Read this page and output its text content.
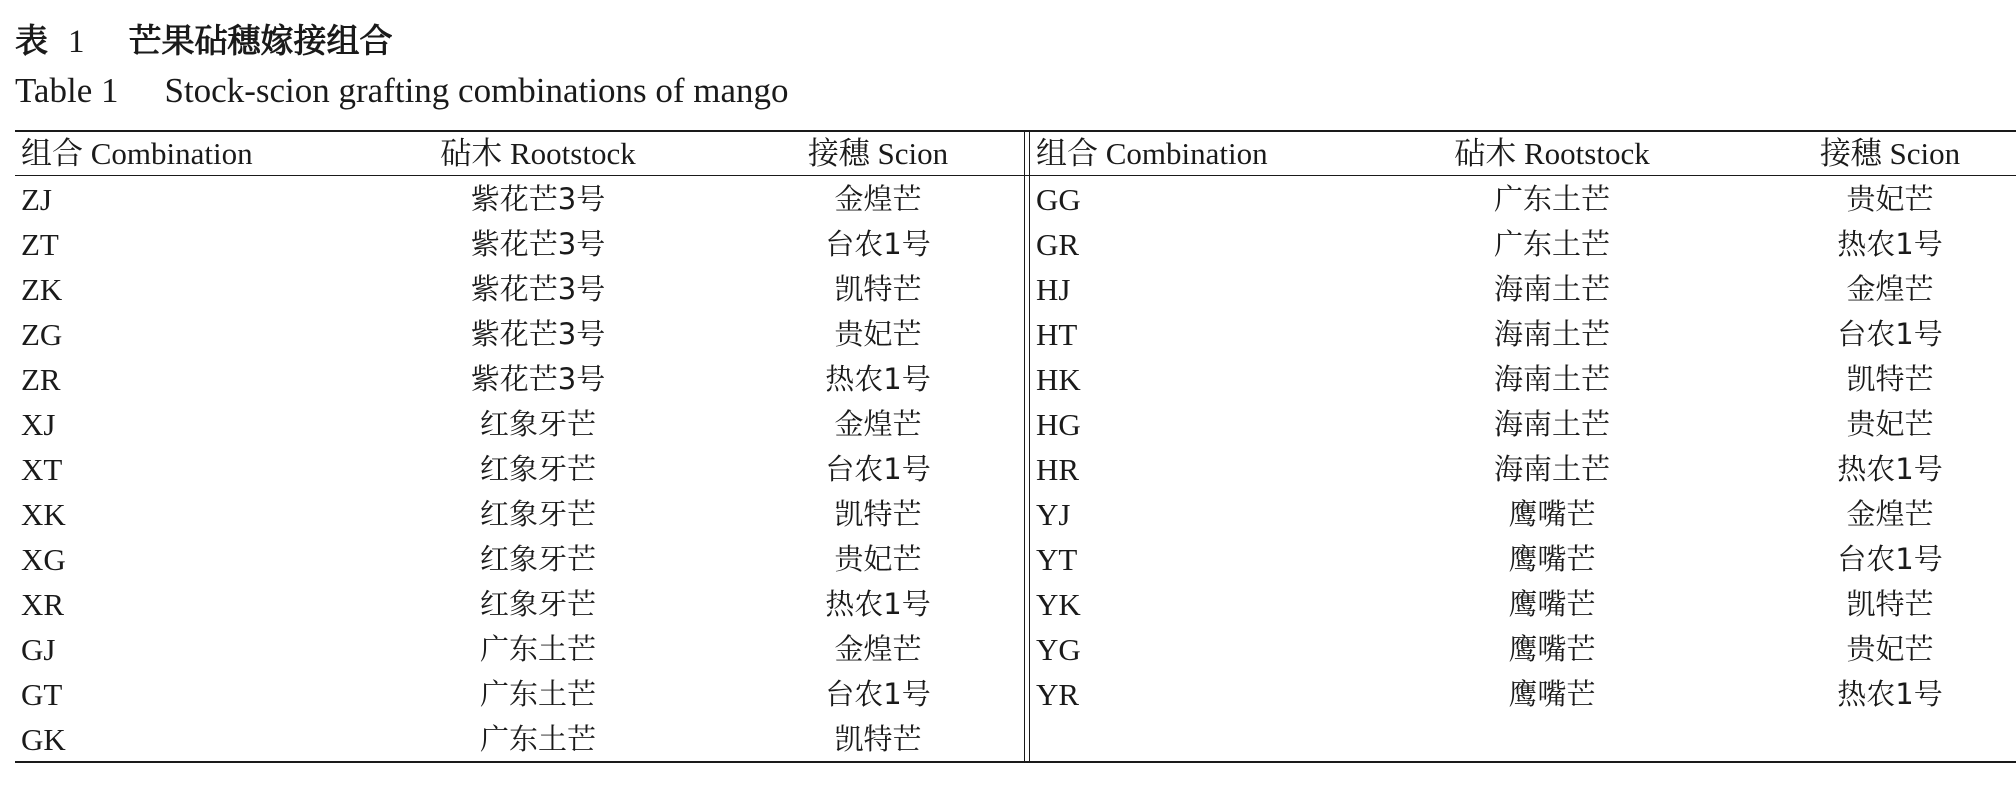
表 1 芒果砧穗嫁接组合
Table 1 Stock-scion grafting combinations of mango
组合 Combination	砧木 Rootstock	接穗 Scion
ZJ	紫花芒3号	金煌芒
ZT	紫花芒3号	台农1号
ZK	紫花芒3号	凯特芒
ZG	紫花芒3号	贵妃芒
ZR	紫花芒3号	热农1号
XJ	红象牙芒	金煌芒
XT	红象牙芒	台农1号
XK	红象牙芒	凯特芒
XG	红象牙芒	贵妃芒
XR	红象牙芒	热农1号
GJ	广东土芒	金煌芒
GT	广东土芒	台农1号
GK	广东土芒	凯特芒
组合 Combination	砧木 Rootstock	接穗 Scion
GG	广东土芒	贵妃芒
GR	广东土芒	热农1号
HJ	海南土芒	金煌芒
HT	海南土芒	台农1号
HK	海南土芒	凯特芒
HG	海南土芒	贵妃芒
HR	海南土芒	热农1号
YJ	鹰嘴芒	金煌芒
YT	鹰嘴芒	台农1号
YK	鹰嘴芒	凯特芒
YG	鹰嘴芒	贵妃芒
YR	鹰嘴芒	热农1号
